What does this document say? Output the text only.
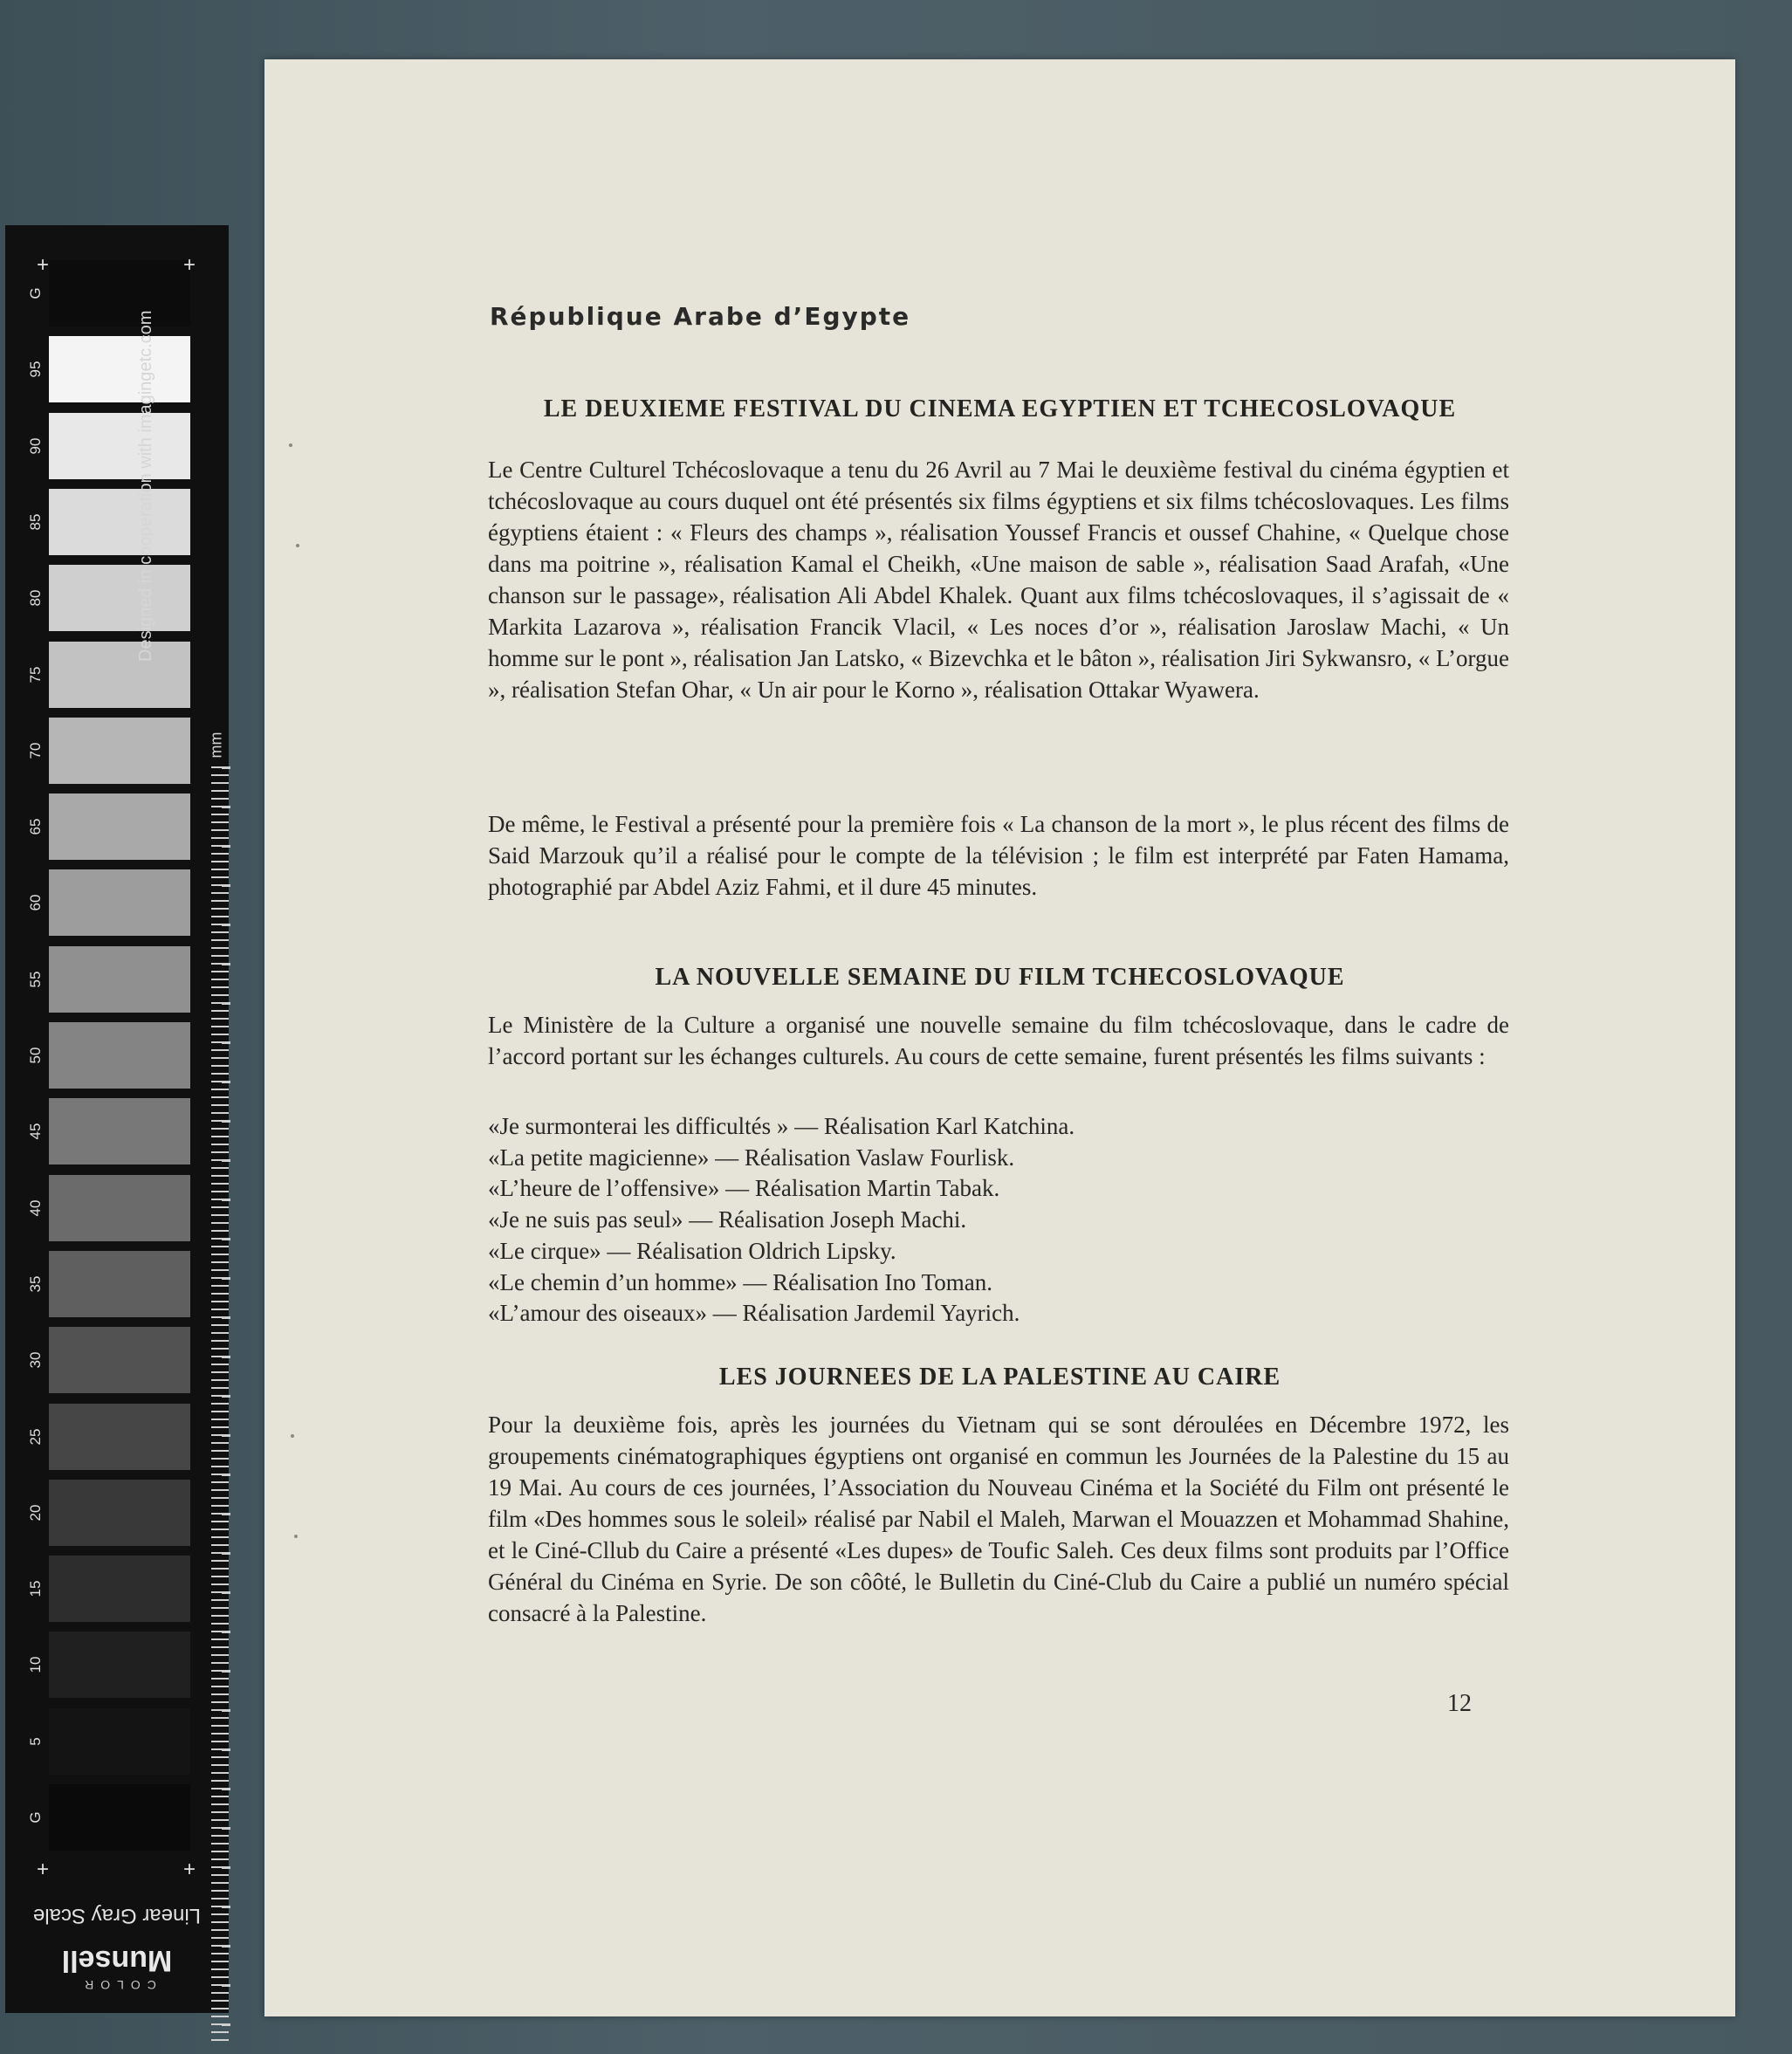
+	+
+	+
Designed in cooperation with imagingetc.com
mm
Linear Gray Scale
Munsell
COLOR
G
95
90
85
80
75
70
65
60
55
50
45
40
35
30
25
20
15
10
5
G
République Arabe d’Egypte
LE DEUXIEME FESTIVAL DU CINEMA EGYPTIEN ET TCHECOSLOVAQUE
Le Centre Culturel Tchécoslovaque a tenu du 26 Avril au 7 Mai le deuxième festival du cinéma égyptien et tchécoslovaque au cours duquel ont été présentés six films égyptiens et six films tchécoslovaques. Les films égyptiens étaient : « Fleurs des champs », réalisation Youssef Francis et oussef Chahine, « Quelque chose dans ma poitrine », réalisation Kamal el Cheikh, «Une maison de sable », réalisation Saad Arafah, «Une chanson sur le passage», réalisation Ali Abdel Khalek. Quant aux films tchécoslovaques, il s’agissait de « Markita Lazarova », réalisation Francik Vlacil, « Les noces d’or », réalisation Jaroslaw Machi, « Un homme sur le pont », réalisation Jan Latsko, « Bizevchka et le bâton », réalisation Jiri Sykwansro, « L’orgue », réalisation Stefan Ohar, « Un air pour le Korno », réalisation Ottakar Wyawera.
De même, le Festival a présenté pour la première fois « La chanson de la mort », le plus récent des films de Said Marzouk qu’il a réalisé pour le compte de la télévision ; le film est interprété par Faten Hamama, photographié par Abdel Aziz Fahmi, et il dure 45 minutes.
LA NOUVELLE SEMAINE DU FILM TCHECOSLOVAQUE
Le Ministère de la Culture a organisé une nouvelle semaine du film tchécoslovaque, dans le cadre de l’accord portant sur les échanges culturels. Au cours de cette semaine, furent présentés les films suivants :
«Je surmonterai les difficultés » — Réalisation Karl Katchina.
«La petite magicienne» — Réalisation Vaslaw Fourlisk.
«L’heure de l’offensive» — Réalisation Martin Tabak.
«Je ne suis pas seul» — Réalisation Joseph Machi.
«Le cirque» — Réalisation Oldrich Lipsky.
«Le chemin d’un homme» — Réalisation Ino Toman.
«L’amour des oiseaux» — Réalisation Jardemil Yayrich.
LES JOURNEES DE LA PALESTINE AU CAIRE
Pour la deuxième fois, après les journées du Vietnam qui se sont déroulées en Décembre 1972, les groupements cinématographiques égyptiens ont organisé en commun les Journées de la Palestine du 15 au 19 Mai. Au cours de ces journées, l’Association du Nouveau Cinéma et la Société du Film ont présenté le film «Des hommes sous le soleil» réalisé par Nabil el Maleh, Marwan el Mouazzen et Mohammad Shahine, et le Ciné-Cllub du Caire a présenté «Les dupes» de Toufic Saleh. Ces deux films sont produits par l’Office Général du Cinéma en Syrie. De son côôté, le Bulletin du Ciné-Club du Caire a publié un numéro spécial consacré à la Palestine.
12
